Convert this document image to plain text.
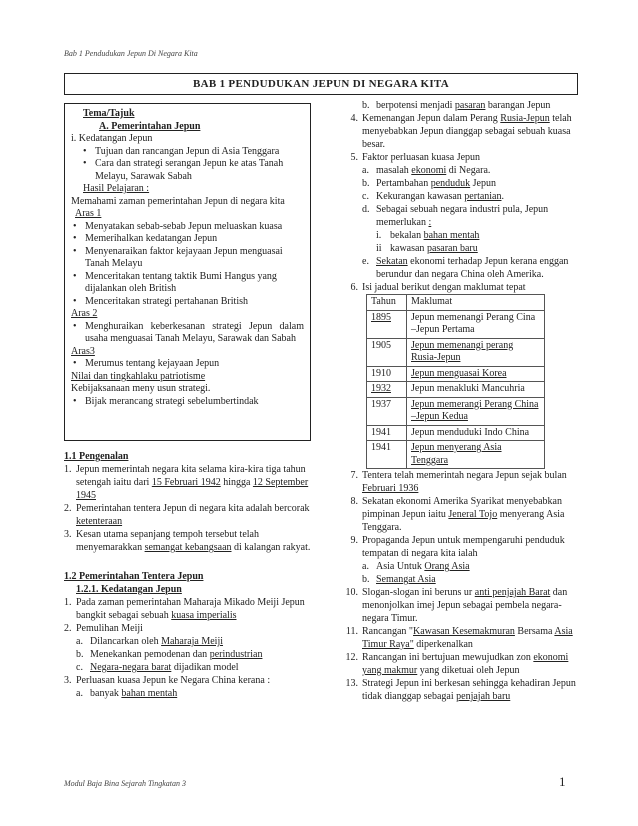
Bab 1 Pendudukan Jepun Di Negara Kita
BAB 1 PENDUDUKAN JEPUN DI NEGARA KITA
Tema/Tajuk
A. Pemerintahan Jepun
i. Kedatangan Jepun
• Tujuan dan rancangan Jepun di Asia Tenggara
• Cara dan strategi serangan Jepun ke atas Tanah Melayu, Sarawak Sabah
Hasil Pelajaran :
Memahami zaman pemerintahan Jepun di negara kita
Aras 1
• Menyatakan sebab-sebab Jepun meluaskan kuasa
• Memerihalkan kedatangan Jepun
• Menyenaraikan faktor kejayaan Jepun menguasai Tanah Melayu
• Menceritakan tentang taktik Bumi Hangus yang dijalankan oleh British
• Menceritakan strategi pertahanan British
Aras 2
• Menghuraikan keberkesanan strategi Jepun dalam usaha menguasai Tanah Melayu, Sarawak dan Sabah
Aras3
• Merumus tentang kejayaan Jepun
Nilai dan tingkahlaku patriotisme
Kebijaksanaan meny usun strategi.
• Bijak merancang strategi sebelumbertindak
1.1 Pengenalan
1. Jepun memerintah negara kita selama kira-kira tiga tahun setengah iaitu dari 15 Februari 1942 hingga 12 September 1945
2. Pemerintahan tentera Jepun di negara kita adalah bercorak ketenteraan
3. Kesan utama sepanjang tempoh tersebut telah menyemarakkan semangat kebangsaan di kalangan rakyat.
1.2 Pemerintahan Tentera Jepun
1.2.1. Kedatangan Jepun
1. Pada zaman pemerintahan Maharaja Mikado Meiji Jepun bangkit sebagai sebuah kuasa imperialis
2. Pemulihan Meiji
a. Dilancarkan oleh Maharaja Meiji
b. Menekankan pemodenan dan perindustrian
c. Negara-negara barat dijadikan model
3. Perluasan kuasa Jepun ke Negara China kerana :
a. banyak bahan mentah
b. berpotensi menjadi pasaran barangan Jepun
4. Kemenangan Jepun dalam Perang Rusia-Jepun telah menyebabkan Jepun dianggap sebagai sebuah kuasa besar.
5. Faktor perluasan kuasa Jepun
a. masalah ekonomi di Negara.
b. Pertambahan penduduk Jepun
c. Kekurangan kawasan pertanian.
d. Sebagai sebuah negara industri pula, Jepun memerlukan :
i. bekalan bahan mentah
ii kawasan pasaran baru
e. Sekatan ekonomi terhadap Jepun kerana enggan berundur dan negara China oleh Amerika.
6. Isi jadual berikut dengan maklumat tepat
Tahun	Maklumat
1895	Jepun memenangi Perang Cina –Jepun Pertama
1905	Jepun memenangi perang Rusia-Jepun
1910	Jepun menguasai Korea
1932	Jepun menakluki Mancuhria
1937	Jepun memerangi Perang China –Jepun Kedua
1941	Jepun menduduki Indo China
1941	Jepun menyerang Asia Tenggara
7. Tentera telah memerintah negara Jepun sejak bulan Februari 1936
8. Sekatan ekonomi Amerika Syarikat menyebabkan pimpinan Jepun iaitu Jeneral Tojo menyerang Asia Tenggara.
9. Propaganda Jepun untuk mempengaruhi penduduk tempatan di negara kita ialah
a. Asia Untuk Orang Asia
b. Semangat Asia
10. Slogan-slogan ini beruns ur anti penjajah Barat dan menonjolkan imej Jepun sebagai pembela negara-negara Timur.
11. Rancangan "Kawasan Kesemakmuran Bersama Asia Timur Raya" diperkenalkan
12. Rancangan ini bertujuan mewujudkan zon ekonomi yang makmur yang diketuai oleh Jepun
13. Strategi Jepun ini berkesan sehingga kehadiran Jepun tidak dianggap sebagai penjajah baru
Modul Baja Bina Sejarah Tingkatan 3	1
